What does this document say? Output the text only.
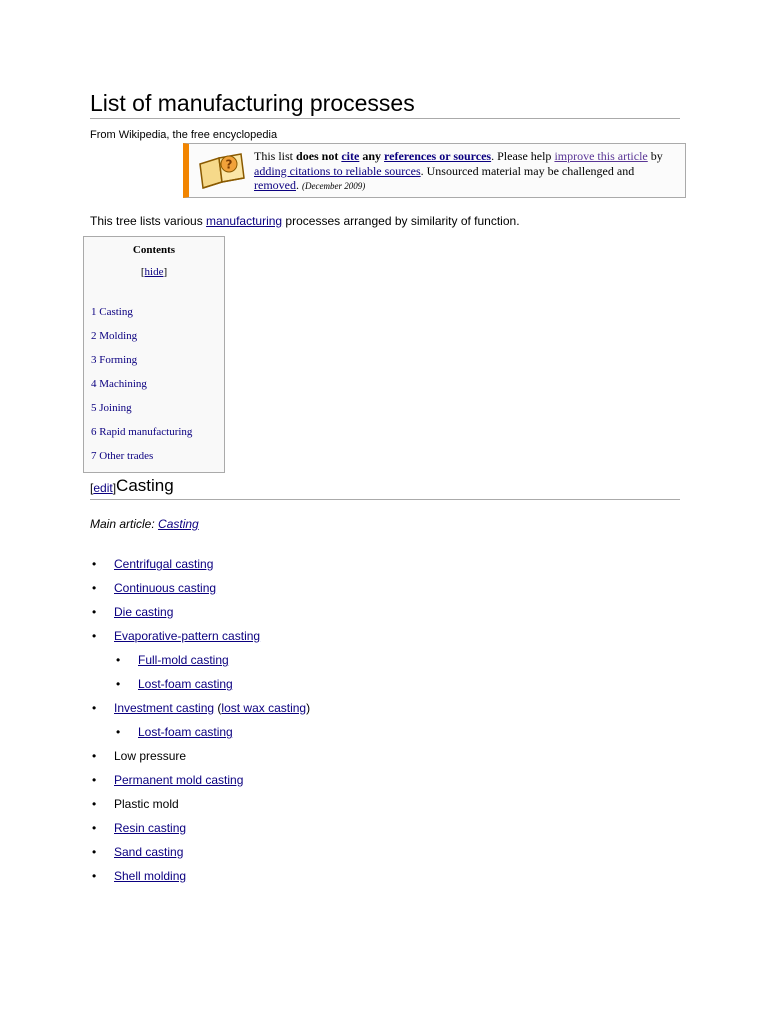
List of manufacturing processes
From Wikipedia, the free encyclopedia
?
This list does not cite any references or sources. Please help improve this article by adding citations to reliable sources. Unsourced material may be challenged and removed. (December 2009)
This tree lists various manufacturing processes arranged by similarity of function.
Contents
[hide]
1 Casting
2 Molding
3 Forming
4 Machining
5 Joining
6 Rapid manufacturing
7 Other trades
[edit]Casting
Main article: Casting
• Centrifugal casting
• Continuous casting
• Die casting
• Evaporative-pattern casting
• Full-mold casting
• Lost-foam casting
• Investment casting (lost wax casting)
• Lost-foam casting
• Low pressure
• Permanent mold casting
• Plastic mold
• Resin casting
• Sand casting
• Shell molding
